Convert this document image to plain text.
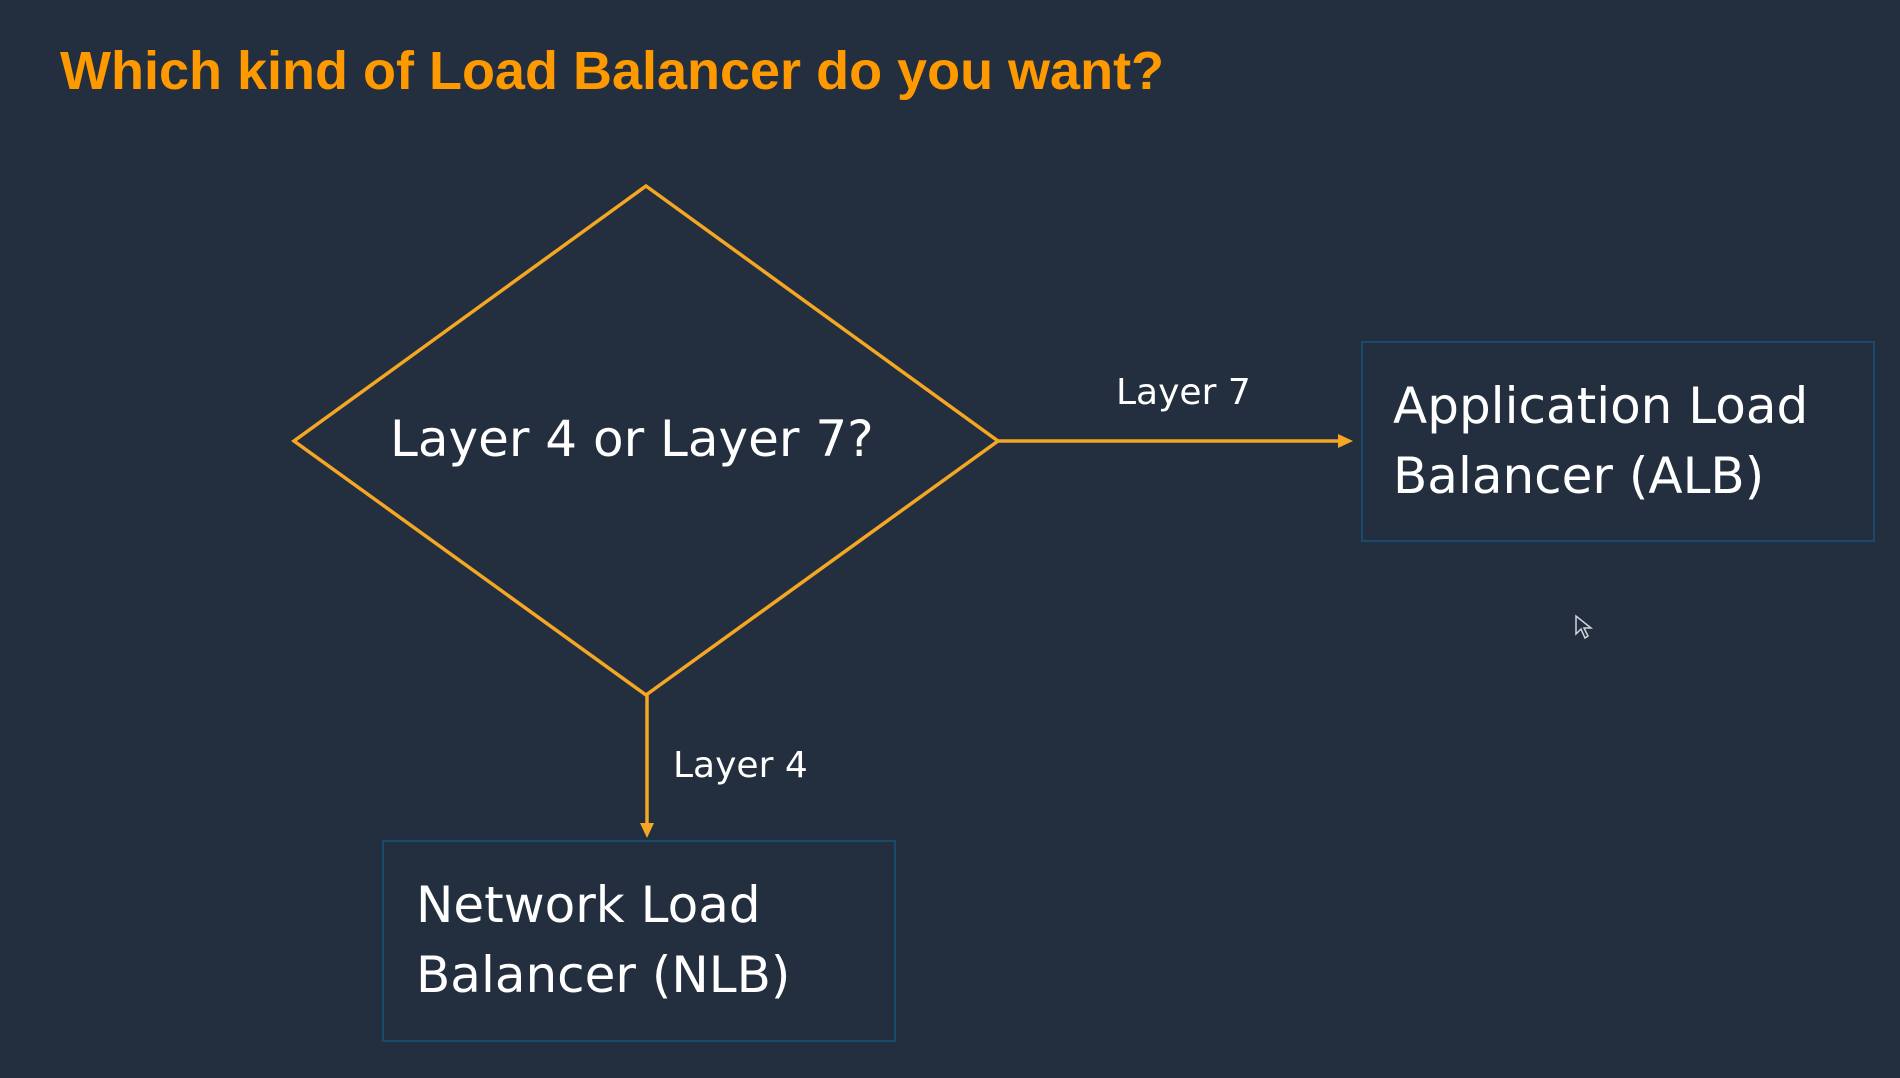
Which kind of Load Balancer do you want?
Layer 4 or Layer 7?
Layer 7
Layer 4
Application Load
Balancer (ALB)
Network Load
Balancer (NLB)
